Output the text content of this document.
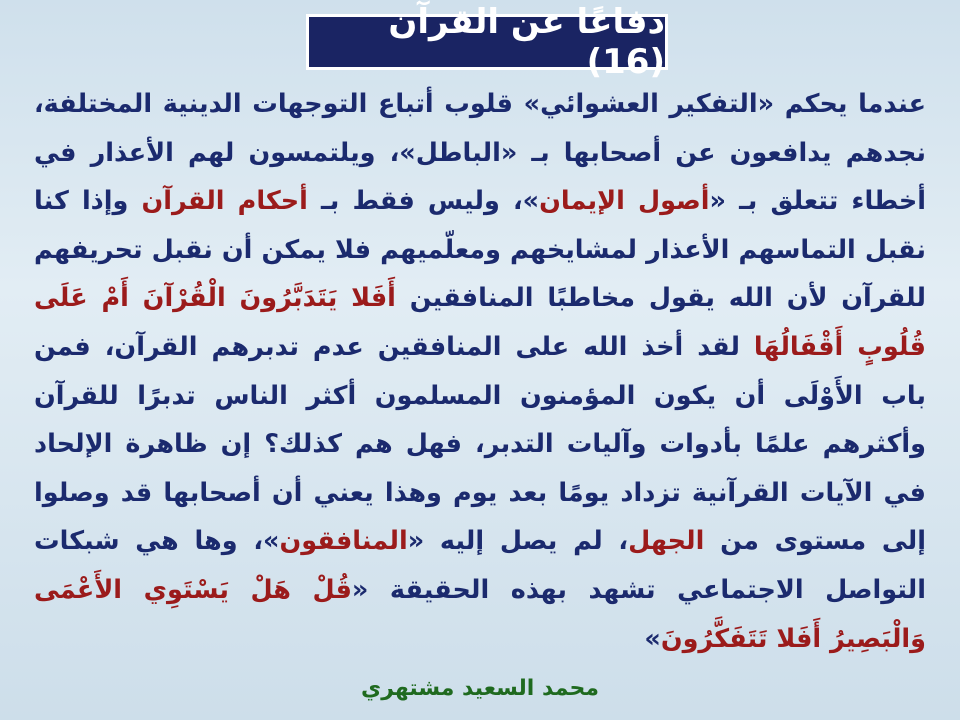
دفاعًا عن القرآن (16)
عندما يحكم «التفكير العشوائي» قلوب أتباع التوجهات الدينية المختلفة، نجدهم يدافعون عن أصحابها بـ «الباطل»، ويلتمسون لهم الأعذار في أخطاء تتعلق بـ «أصول الإيمان»، وليس فقط بـ أحكام القرآن وإذا كنا نقبل التماسهم الأعذار لمشايخهم ومعلّميهم فلا يمكن أن نقبل تحريفهم للقرآن لأن الله يقول مخاطبًا المنافقين أَفَلا يَتَدَبَّرُونَ الْقُرْآنَ أَمْ عَلَى قُلُوبٍ أَقْفَالُهَا لقد أخذ الله على المنافقين عدم تدبرهم القرآن، فمن باب الأَوْلَى أن يكون المؤمنون المسلمون أكثر الناس تدبرًا للقرآن وأكثرهم علمًا بأدوات وآليات التدبر، فهل هم كذلك؟ إن ظاهرة الإلحاد في الآيات القرآنية تزداد يومًا بعد يوم وهذا يعني أن أصحابها قد وصلوا إلى مستوى من الجهل، لم يصل إليه «المنافقون»، وها هي شبكات التواصل الاجتماعي تشهد بهذه الحقيقة «قُلْ هَلْ يَسْتَوِي الأَعْمَى وَالْبَصِيرُ أَفَلا تَتَفَكَّرُونَ»
محمد السعيد مشتهري
